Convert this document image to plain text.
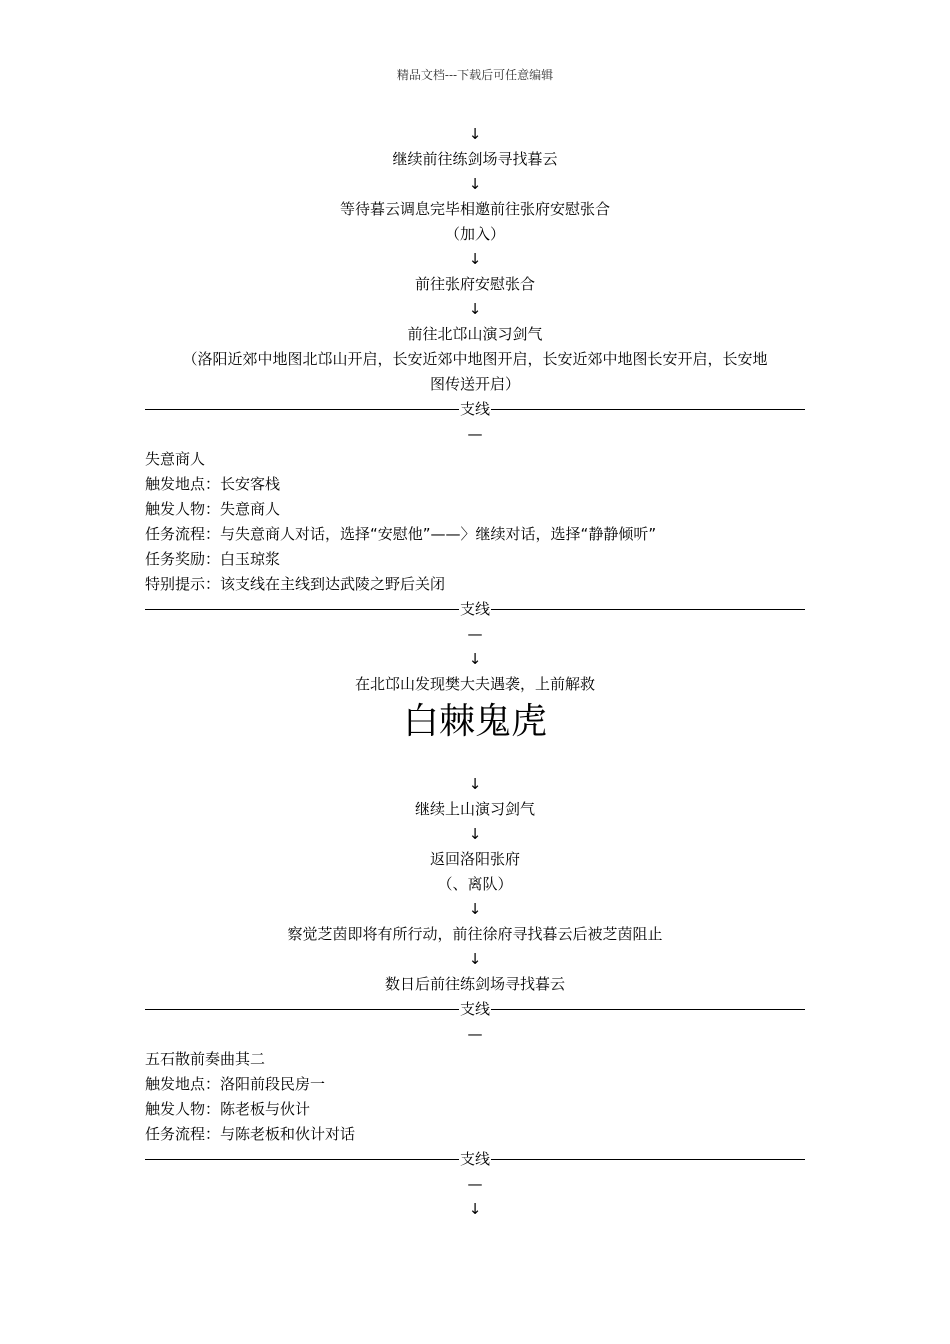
精品文档---下载后可任意编辑
↓
继续前往练剑场寻找暮云
↓
等待暮云调息完毕相邀前往张府安慰张合
（加入）
↓
前往张府安慰张合
↓
前往北邙山演习剑气
（洛阳近郊中地图北邙山开启，长安近郊中地图开启，长安近郊中地图长安开启，长安地
图传送开启）
支线
—
失意商人
触发地点：长安客栈
触发人物：失意商人
任务流程：与失意商人对话，选择“安慰他”——〉继续对话，选择“静静倾听”
任务奖励：白玉琼浆
特别提示：该支线在主线到达武陵之野后关闭
支线
—
↓
在北邙山发现樊大夫遇袭，上前解救
白棘鬼虎
↓
继续上山演习剑气
↓
返回洛阳张府
（、离队）
↓
察觉芝茵即将有所行动，前往徐府寻找暮云后被芝茵阻止
↓
数日后前往练剑场寻找暮云
支线
—
五石散前奏曲其二
触发地点：洛阳前段民房一
触发人物：陈老板与伙计
任务流程：与陈老板和伙计对话
支线
—
↓
